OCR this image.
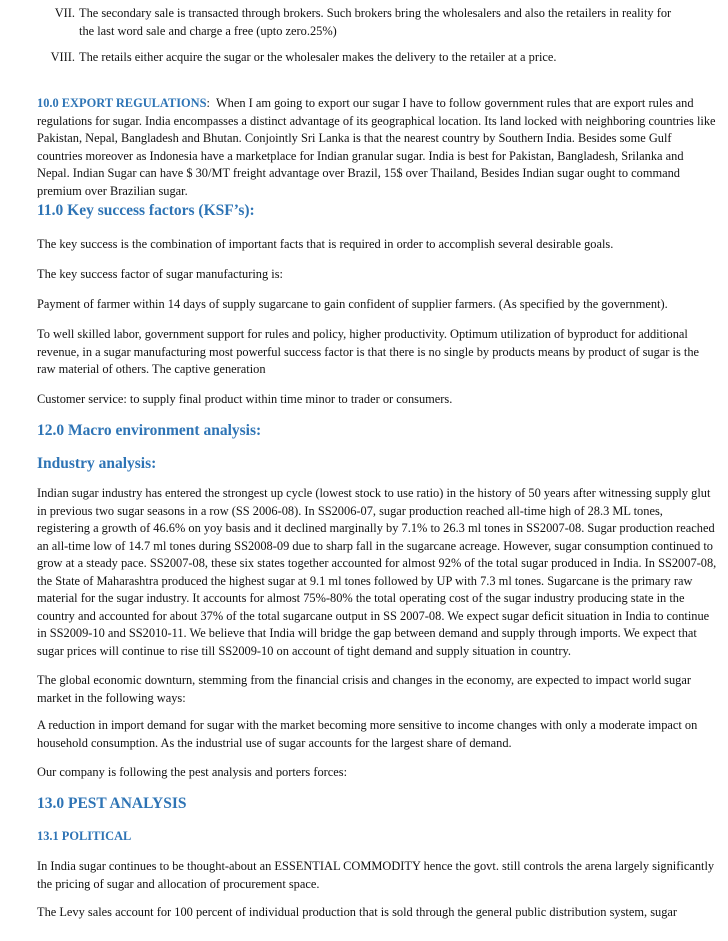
VII. The secondary sale is transacted through brokers. Such brokers bring the wholesalers and also the retailers in reality for the last word sale and charge a free (upto zero.25%)
VIII. The retails either acquire the sugar or the wholesaler makes the delivery to the retailer at a price.

10.0 EXPORT REGULATIONS: When I am going to export our sugar I have to follow government rules that are export rules and regulations for sugar. India encompasses a distinct advantage of its geographical location. Its land locked with neighboring countries like Pakistan, Nepal, Bangladesh and Bhutan. Conjointly Sri Lanka is that the nearest country by Southern India. Besides some Gulf countries moreover as Indonesia have a marketplace for Indian granular sugar. India is best for Pakistan, Bangladesh, Srilanka and Nepal. Indian Sugar can have $ 30/MT freight advantage over Brazil, 15$ over Thailand, Besides Indian sugar ought to command premium over Brazilian sugar.

11.0 Key success factors (KSF’s):

The key success is the combination of important facts that is required in order to accomplish several desirable goals.

The key success factor of sugar manufacturing is:

Payment of farmer within 14 days of supply sugarcane to gain confident of supplier farmers. (As specified by the government).

To well skilled labor, government support for rules and policy, higher productivity. Optimum utilization of byproduct for additional revenue, in a sugar manufacturing most powerful success factor is that there is no single by products means by product of sugar is the raw material of others. The captive generation

Customer service: to supply final product within time minor to trader or consumers.

12.0 Macro environment analysis:
Industry analysis:

Indian sugar industry has entered the strongest up cycle (lowest stock to use ratio) in the history of 50 years after witnessing supply glut in previous two sugar seasons in a row (SS 2006-08). In SS2006-07, sugar production reached all-time high of 28.3 ML tones, registering a growth of 46.6% on yoy basis and it declined marginally by 7.1% to 26.3 ml tones in SS2007-08. Sugar production reached an all-time low of 14.7 ml tones during SS2008-09 due to sharp fall in the sugarcane acreage. However, sugar consumption continued to grow at a steady pace. SS2007-08, these six states together accounted for almost 92% of the total sugar produced in India. In SS2007-08, the State of Maharashtra produced the highest sugar at 9.1 ml tones followed by UP with 7.3 ml tones. Sugarcane is the primary raw material for the sugar industry. It accounts for almost 75%-80% the total operating cost of the sugar industry producing state in the country and accounted for about 37% of the total sugarcane output in SS 2007-08. We expect sugar deficit situation in India to continue in SS2009-10 and SS2010-11. We believe that India will bridge the gap between demand and supply through imports. We expect that sugar prices will continue to rise till SS2009-10 on account of tight demand and supply situation in country.

The global economic downturn, stemming from the financial crisis and changes in the economy, are expected to impact world sugar market in the following ways:

A reduction in import demand for sugar with the market becoming more sensitive to income changes with only a moderate impact on household consumption. As the industrial use of sugar accounts for the largest share of demand.

Our company is following the pest analysis and porters forces:

13.0 PEST ANALYSIS
13.1 POLITICAL

In India sugar continues to be thought-about an ESSENTIAL COMMODITY hence the govt. still controls the arena largely significantly the pricing of sugar and allocation of procurement space.

The Levy sales account for 100 percent of individual production that is sold through the general public distribution system, sugar
